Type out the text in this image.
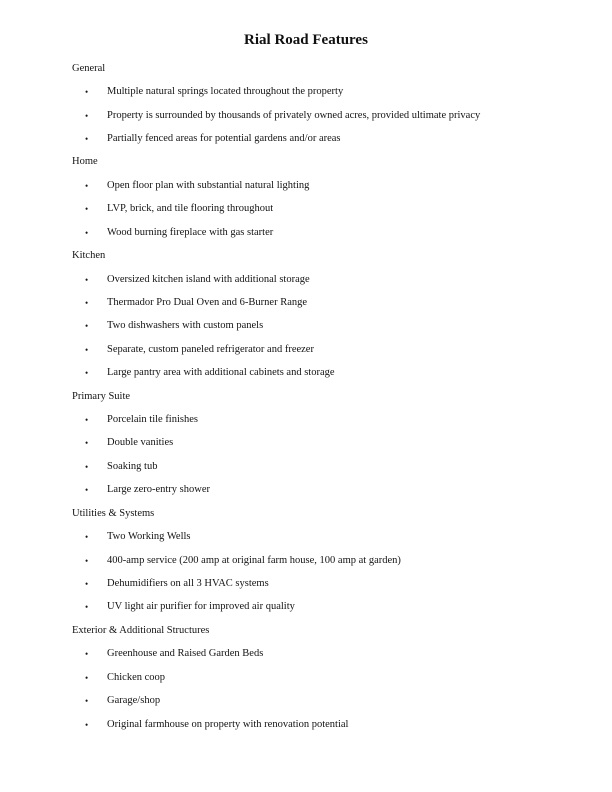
Rial Road Features
General
•	Multiple natural springs located throughout the property
•	Property is surrounded by thousands of privately owned acres, provided ultimate privacy
•	Partially fenced areas for potential gardens and/or areas
Home
•	Open floor plan with substantial natural lighting
•	LVP, brick, and tile flooring throughout
•	Wood burning fireplace with gas starter
Kitchen
•	Oversized kitchen island with additional storage
•	Thermador Pro Dual Oven and 6-Burner Range
•	Two dishwashers with custom panels
•	Separate, custom paneled refrigerator and freezer
•	Large pantry area with additional cabinets and storage
Primary Suite
•	Porcelain tile finishes
•	Double vanities
•	Soaking tub
•	Large zero-entry shower
Utilities & Systems
•	Two Working Wells
•	400-amp service (200 amp at original farm house, 100 amp at garden)
•	Dehumidifiers on all 3 HVAC systems
•	UV light air purifier for improved air quality
Exterior & Additional Structures
•	Greenhouse and Raised Garden Beds
•	Chicken coop
•	Garage/shop
•	Original farmhouse on property with renovation potential
